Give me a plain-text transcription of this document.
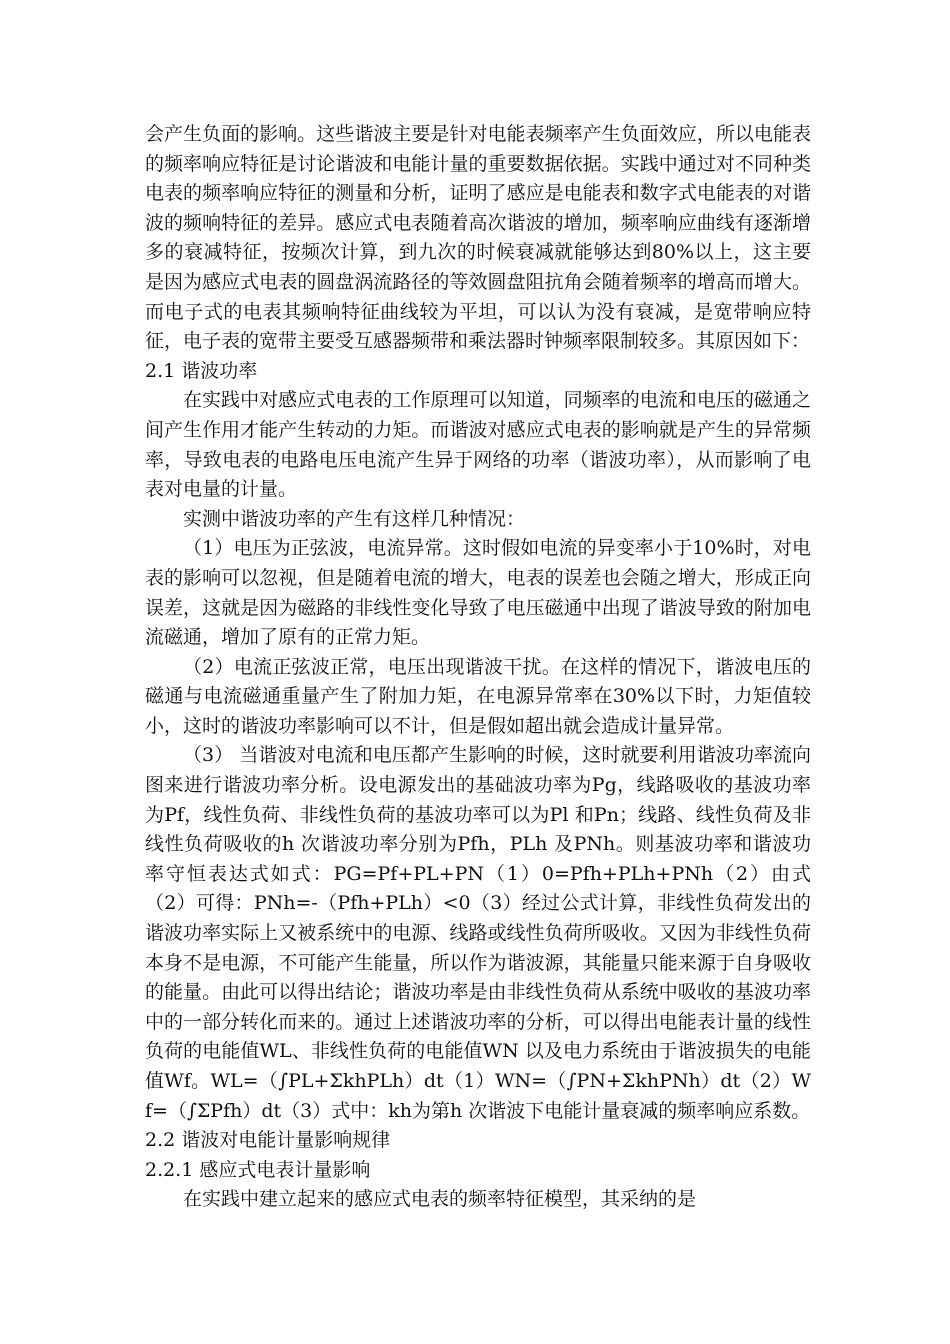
会产生负面的影响。这些谐波主要是针对电能表频率产生负面效应，所以电能表的频率响应特征是讨论谐波和电能计量的重要数据依据。实践中通过对不同种类电表的频率响应特征的测量和分析，证明了感应是电能表和数字式电能表的对谐波的频响特征的差异。感应式电表随着高次谐波的增加，频率响应曲线有逐渐增多的衰减特征，按频次计算，到九次的时候衰减就能够达到80%以上，这主要是因为感应式电表的圆盘涡流路径的等效圆盘阻抗角会随着频率的增高而增大。而电子式的电表其频响特征曲线较为平坦，可以认为没有衰减，是宽带响应特征，电子表的宽带主要受互感器频带和乘法器时钟频率限制较多。其原因如下：

2.1 谐波功率

在实践中对感应式电表的工作原理可以知道，同频率的电流和电压的磁通之间产生作用才能产生转动的力矩。而谐波对感应式电表的影响就是产生的异常频率，导致电表的电路电压电流产生异于网络的功率（谐波功率），从而影响了电表对电量的计量。

实测中谐波功率的产生有这样几种情况：

（1）电压为正弦波，电流异常。这时假如电流的异变率小于10%时，对电表的影响可以忽视，但是随着电流的增大，电表的误差也会随之增大，形成正向误差，这就是因为磁路的非线性变化导致了电压磁通中出现了谐波导致的附加电流磁通，增加了原有的正常力矩。

（2）电流正弦波正常，电压出现谐波干扰。在这样的情况下，谐波电压的磁通与电流磁通重量产生了附加力矩，在电源异常率在30%以下时，力矩值较小，这时的谐波功率影响可以不计，但是假如超出就会造成计量异常。

（3） 当谐波对电流和电压都产生影响的时候，这时就要利用谐波功率流向图来进行谐波功率分析。设电源发出的基础波功率为Pg，线路吸收的基波功率为Pf，线性负荷、非线性负荷的基波功率可以为Pl 和Pn；线路、线性负荷及非线性负荷吸收的h 次谐波功率分别为Pfh，PLh 及PNh。则基波功率和谐波功率守恒表达式如式：PG=Pf+PL+PN（1）0=Pfh+PLh+PNh（2）由式（2）可得：PNh=-（Pfh+PLh）<0（3）经过公式计算，非线性负荷发出的谐波功率实际上又被系统中的电源、线路或线性负荷所吸收。又因为非线性负荷本身不是电源，不可能产生能量，所以作为谐波源，其能量只能来源于自身吸收的能量。由此可以得出结论；谐波功率是由非线性负荷从系统中吸收的基波功率中的一部分转化而来的。通过上述谐波功率的分析，可以得出电能表计量的线性负荷的电能值WL、非线性负荷的电能值WN 以及电力系统由于谐波损失的电能值Wf。WL=（∫PL+ΣkhPLh）dt（1）WN=（∫PN+ΣkhPNh）dt（2）Wf=（∫ΣPfh）dt（3）式中：kh为第h 次谐波下电能计量衰减的频率响应系数。

2.2 谐波对电能计量影响规律

2.2.1 感应式电表计量影响

在实践中建立起来的感应式电表的频率特征模型，其采纳的是
